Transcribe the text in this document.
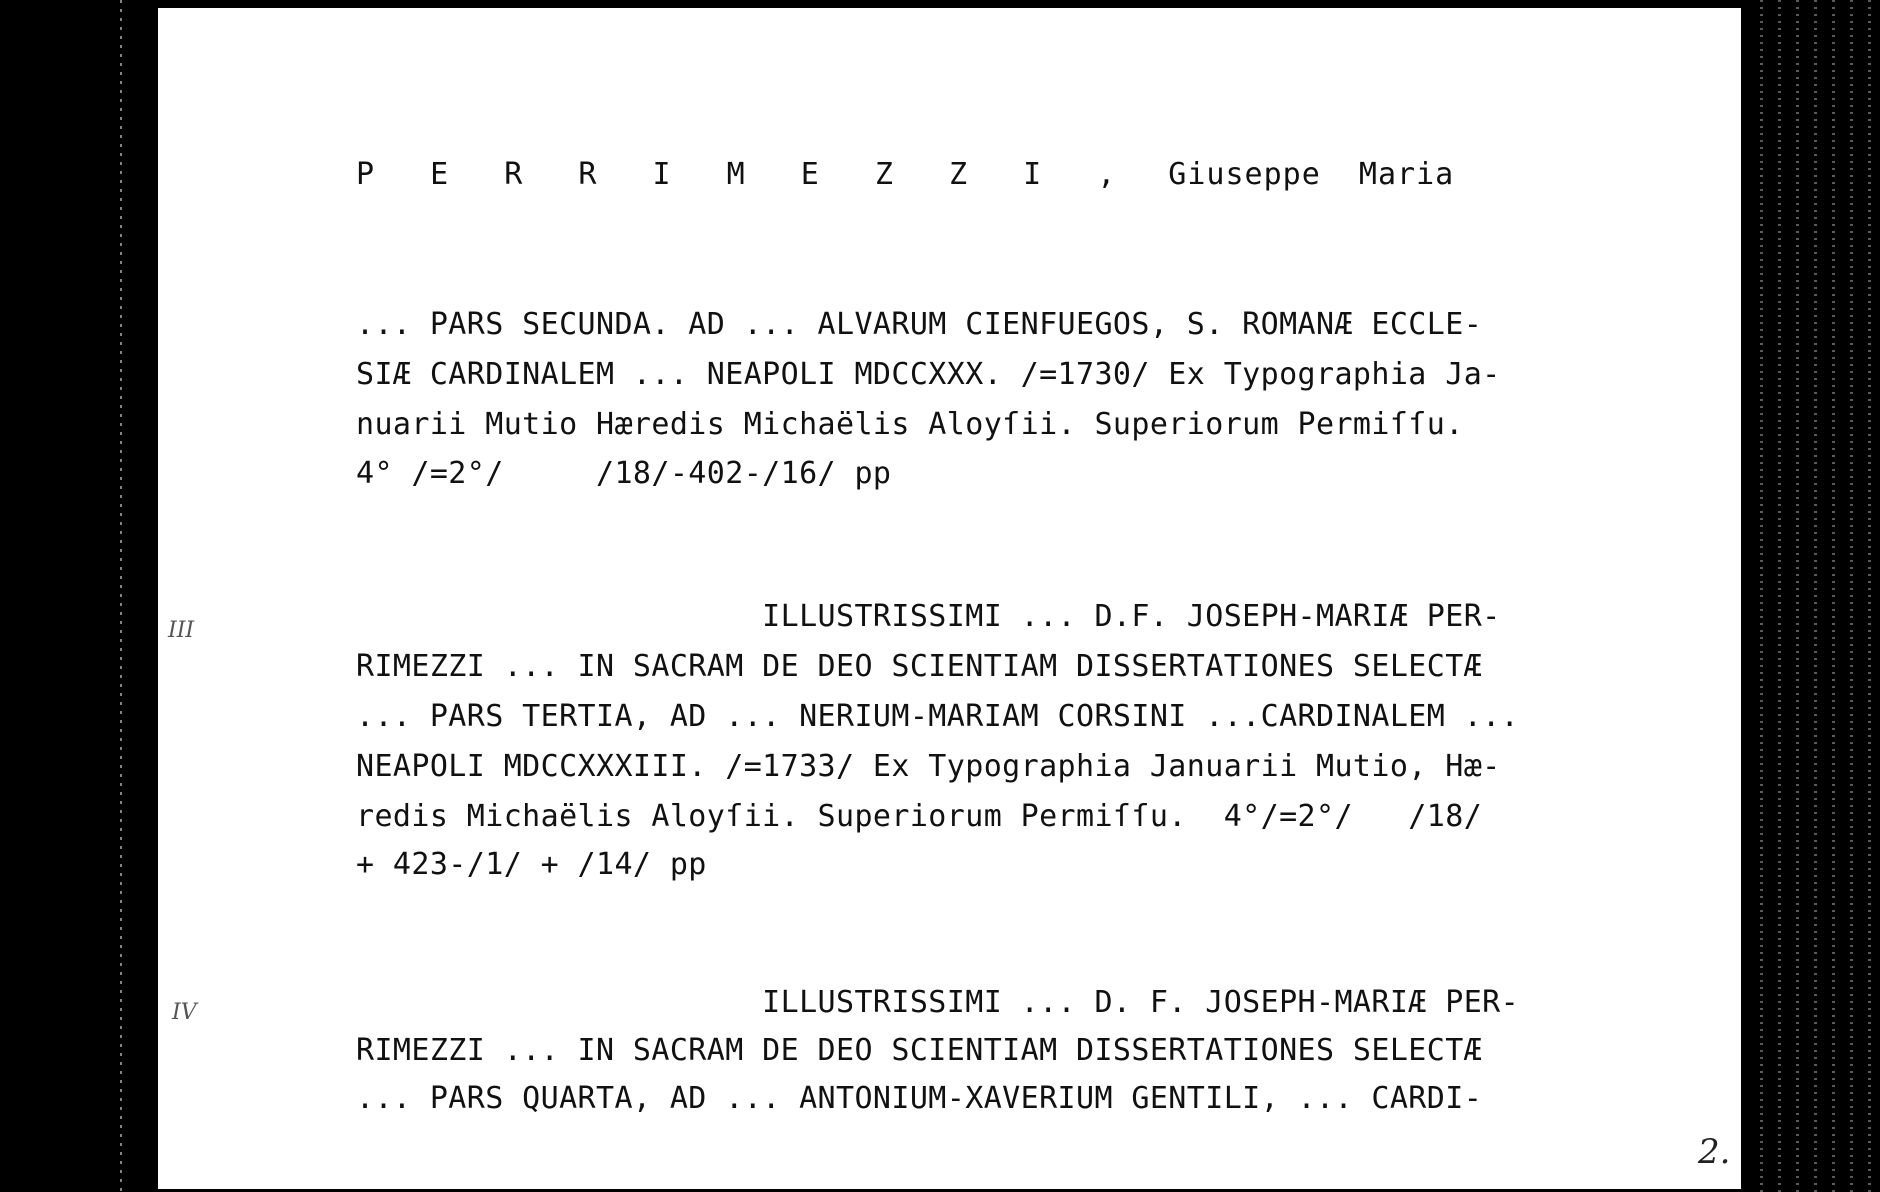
P E R R I M E Z Z I , Giuseppe  Maria

... PARS SECUNDA. AD ... ALVARUM CIENFUEGOS, S. ROMANÆ ECCLE-

SIÆ CARDINALEM ... NEAPOLI MDCCXXX. /=1730/ Ex Typographia Ja-

nuarii Mutio Hæredis Michaëlis Aloyſii. Superiorum Permiſſu.

4° /=2°/     /18/-402-/16/ pp

III	ILLUSTRISSIMI ... D.F. JOSEPH-MARIÆ PER-

RIMEZZI ... IN SACRAM DE DEO SCIENTIAM DISSERTATIONES SELECTÆ

... PARS TERTIA, AD ... NERIUM-MARIAM CORSINI ...CARDINALEM ...

NEAPOLI MDCCXXXIII. /=1733/ Ex Typographia Januarii Mutio, Hæ-

redis Michaëlis Aloyſii. Superiorum Permiſſu.  4°/=2°/   /18/

+ 423-/1/ + /14/ pp

IV	ILLUSTRISSIMI ... D. F. JOSEPH-MARIÆ PER-

RIMEZZI ... IN SACRAM DE DEO SCIENTIAM DISSERTATIONES SELECTÆ

... PARS QUARTA, AD ... ANTONIUM-XAVERIUM GENTILI, ... CARDI-

2.
